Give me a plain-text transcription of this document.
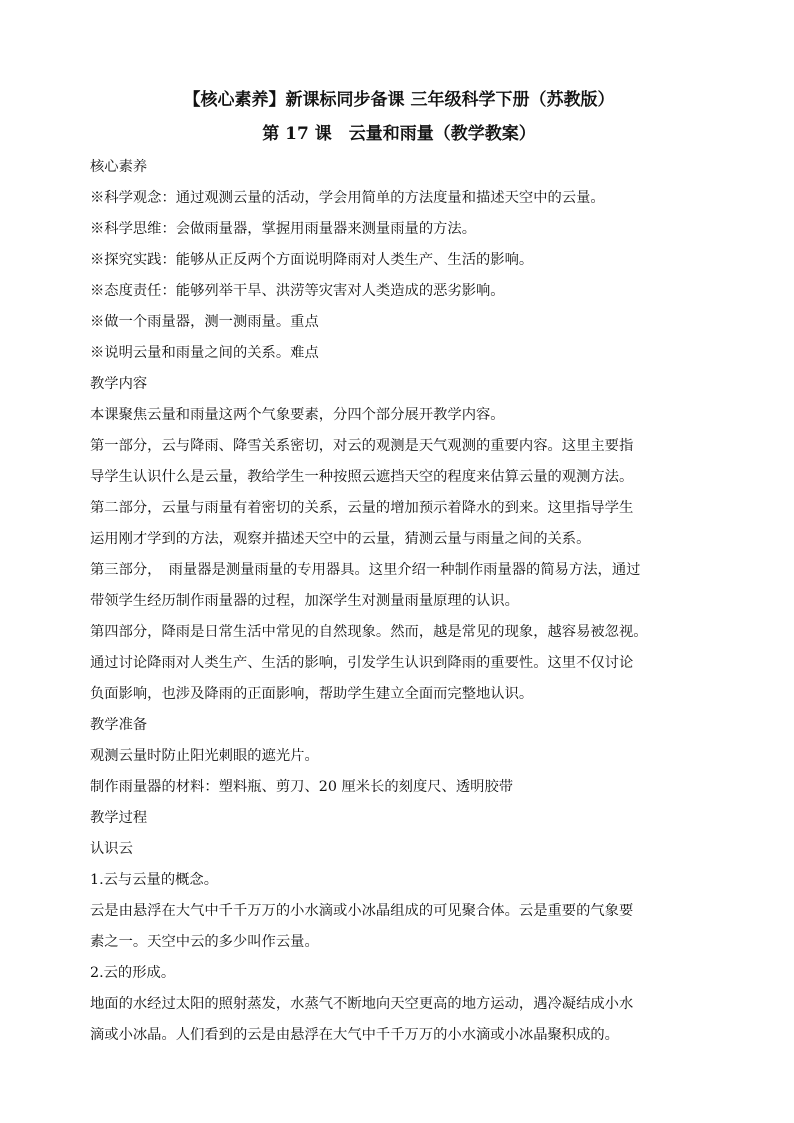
【核心素养】新课标同步备课 三年级科学下册（苏教版）
第 17 课　云量和雨量（教学教案）
核心素养
※科学观念：通过观测云量的活动，学会用简单的方法度量和描述天空中的云量。
※科学思维：会做雨量器，掌握用雨量器来测量雨量的方法。
※探究实践：能够从正反两个方面说明降雨对人类生产、生活的影响。
※态度责任：能够列举干旱、洪涝等灾害对人类造成的恶劣影响。
※做一个雨量器，测一测雨量。重点
※说明云量和雨量之间的关系。难点
教学内容
本课聚焦云量和雨量这两个气象要素，分四个部分展开教学内容。
第一部分，云与降雨、降雪关系密切，对云的观测是天气观测的重要内容。这里主要指
导学生认识什么是云量，教给学生一种按照云遮挡天空的程度来估算云量的观测方法。
第二部分，云量与雨量有着密切的关系，云量的增加预示着降水的到来。这里指导学生
运用刚才学到的方法，观察并描述天空中的云量，猜测云量与雨量之间的关系。
第三部分，　雨量器是测量雨量的专用器具。这里介绍一种制作雨量器的简易方法，通过
带领学生经历制作雨量器的过程，加深学生对测量雨量原理的认识。
第四部分，降雨是日常生活中常见的自然现象。然而，越是常见的现象，越容易被忽视。
通过讨论降雨对人类生产、生活的影响，引发学生认识到降雨的重要性。这里不仅讨论
负面影响，也涉及降雨的正面影响，帮助学生建立全面而完整地认识。
教学准备
观测云量时防止阳光刺眼的遮光片。
制作雨量器的材料：塑料瓶、剪刀、20 厘米长的刻度尺、透明胶带
教学过程
认识云
1.云与云量的概念。
云是由悬浮在大气中千千万万的小水滴或小冰晶组成的可见聚合体。云是重要的气象要
素之一。天空中云的多少叫作云量。
2.云的形成。
地面的水经过太阳的照射蒸发，水蒸气不断地向天空更高的地方运动，遇冷凝结成小水
滴或小冰晶。人们看到的云是由悬浮在大气中千千万万的小水滴或小冰晶聚积成的。
